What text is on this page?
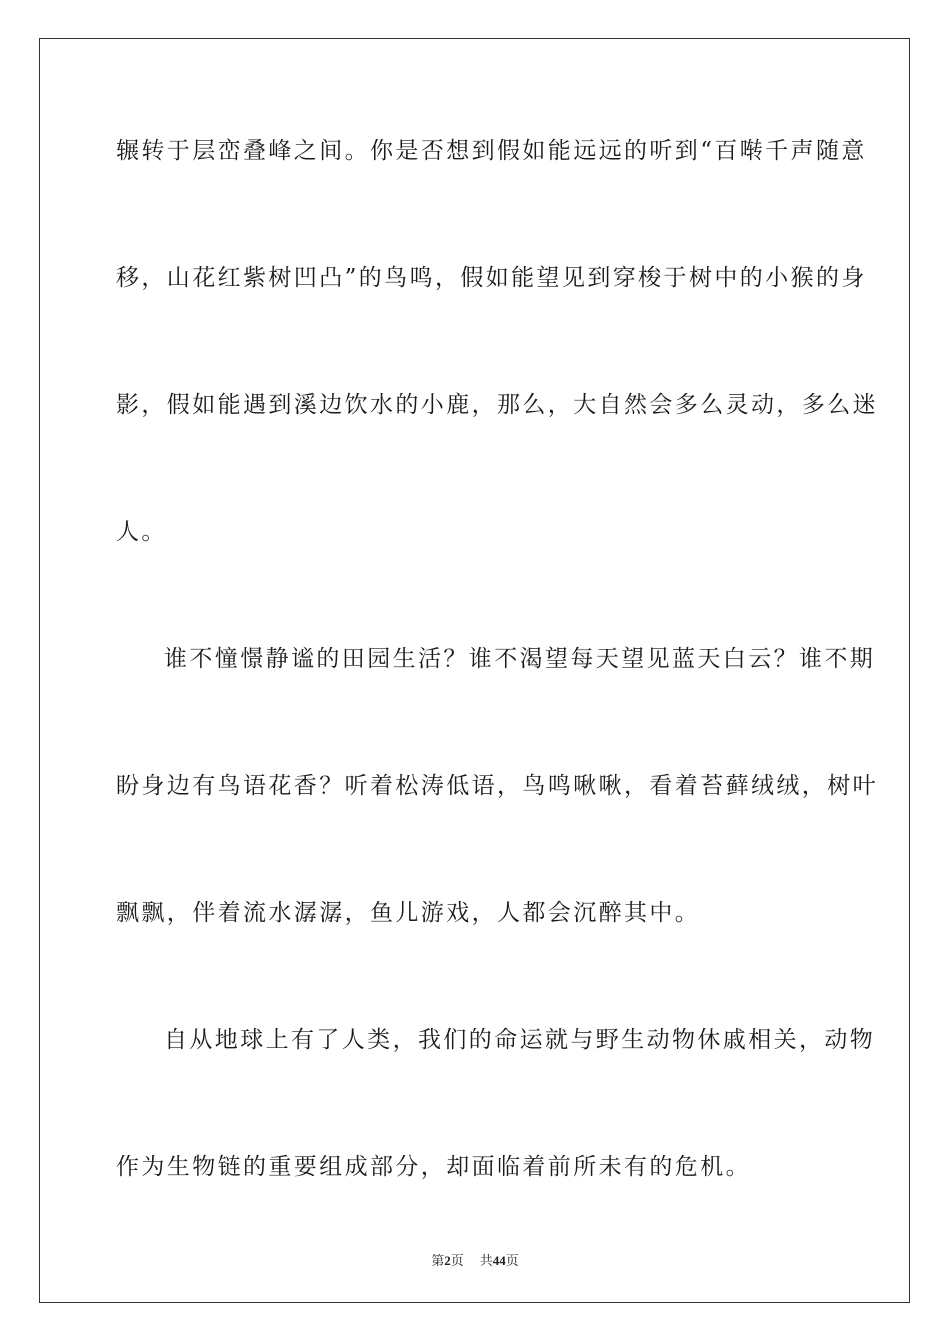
辗转于层峦叠峰之间。你是否想到假如能远远的听到“百啭千声随意
移，山花红紫树凹凸”的鸟鸣，假如能望见到穿梭于树中的小猴的身
影，假如能遇到溪边饮水的小鹿，那么，大自然会多么灵动，多么迷
人。
谁不憧憬静谧的田园生活？谁不渴望每天望见蓝天白云？谁不期
盼身边有鸟语花香？听着松涛低语，鸟鸣啾啾，看着苔藓绒绒，树叶
飘飘，伴着流水潺潺，鱼儿游戏，人都会沉醉其中。
自从地球上有了人类，我们的命运就与野生动物休戚相关，动物
作为生物链的重要组成部分，却面临着前所未有的危机。
第2页 共44页
